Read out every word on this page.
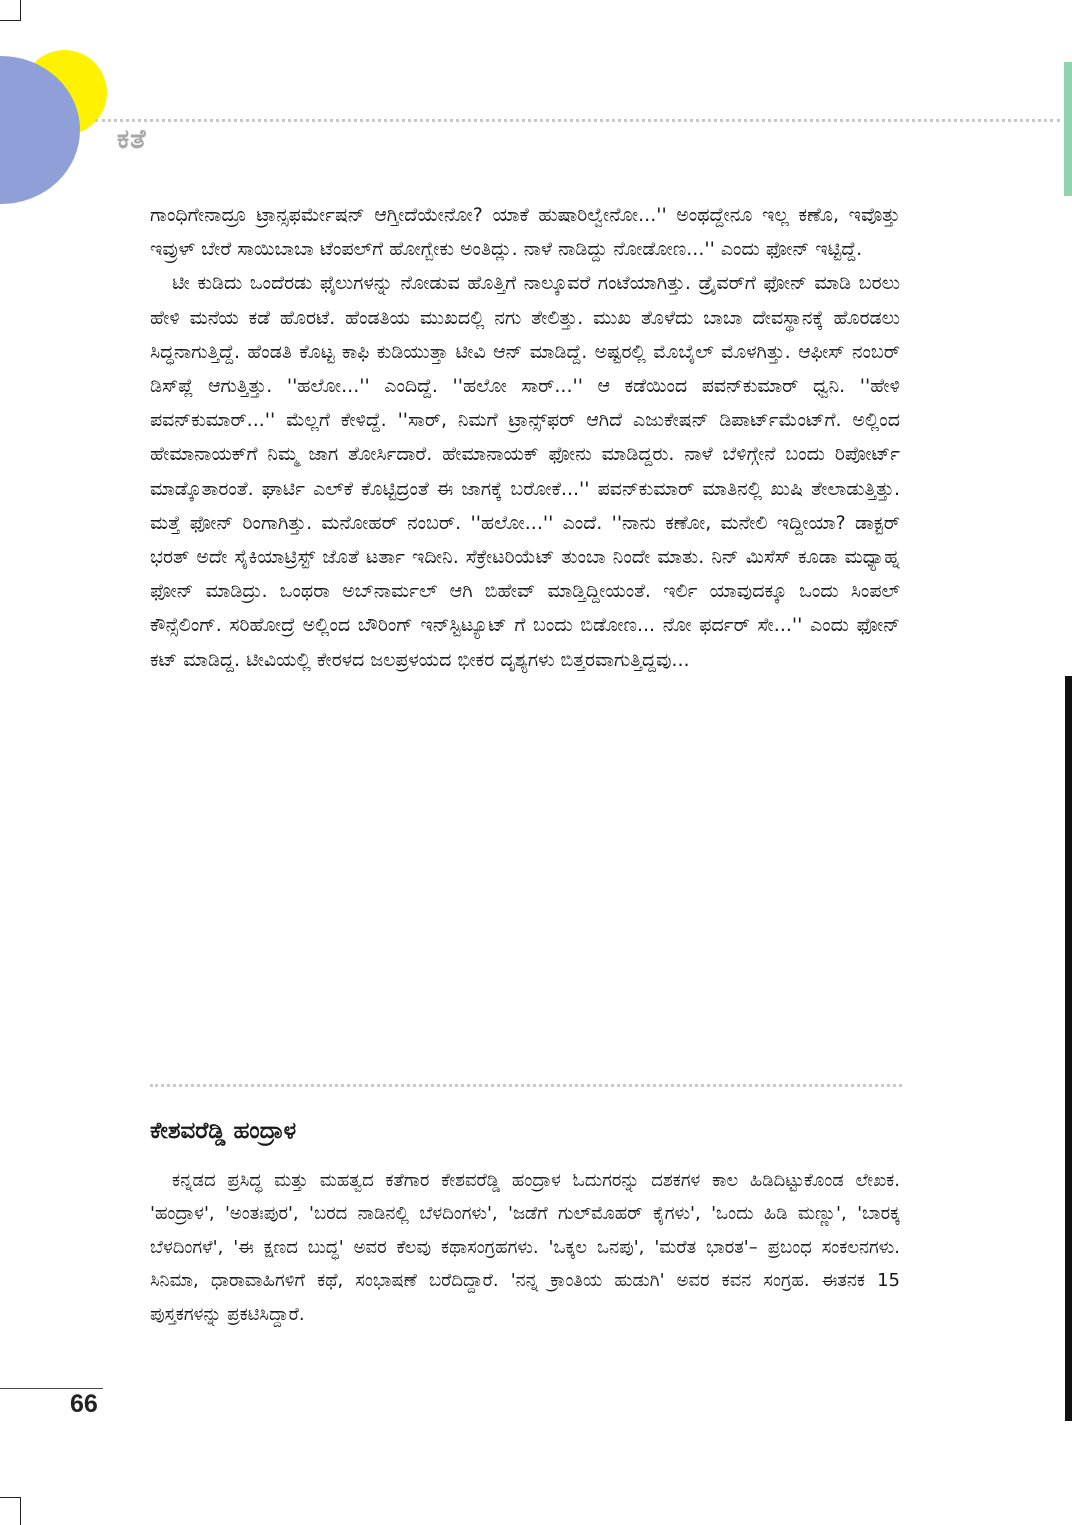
ಕತೆ

ಗಾಂಧಿಗೇನಾದ್ರೂ ಟ್ರಾನ್ಸಫರ್ಮೇಷನ್ ಆಗ್ತೀದೆಯೇನೋ? ಯಾಕೆ ಹುಷಾರಿಲ್ವೇನೋ...'' ಅಂಥದ್ದೇನೂ ಇಲ್ಲ ಕಣೊ, ಇವೊತ್ತು ಇವ್ರುಳ್ ಬೇರೆ ಸಾಯಿಬಾಬಾ ಟೆಂಪಲ್‌ಗೆ ಹೋಗ್ಬೇಕು ಅಂತಿದ್ಲು. ನಾಳೆ ನಾಡಿದ್ದು ನೋಡೋಣ...'' ಎಂದು ಫೋನ್ ಇಟ್ಟಿದ್ದೆ.

ಟೀ ಕುಡಿದು ಒಂದೆರಡು ಫೈಲುಗಳನ್ನು ನೋಡುವ ಹೊತ್ತಿಗೆ ನಾಲ್ಕೂವರೆ ಗಂಟೆಯಾಗಿತ್ತು. ಡ್ರೈವರ್‌ಗೆ ಫೋನ್ ಮಾಡಿ ಬರಲು ಹೇಳಿ ಮನೆಯ ಕಡೆ ಹೊರಟೆ. ಹೆಂಡತಿಯ ಮುಖದಲ್ಲಿ ನಗು ತೇಲಿತ್ತು. ಮುಖ ತೊಳೆದು ಬಾಬಾ ದೇವಸ್ಥಾನಕ್ಕೆ ಹೊರಡಲು ಸಿದ್ಧನಾಗುತ್ತಿದ್ದೆ. ಹೆಂಡತಿ ಕೊಟ್ಟ ಕಾಫಿ ಕುಡಿಯುತ್ತಾ ಟೀವಿ ಆನ್ ಮಾಡಿದ್ದೆ. ಅಷ್ಟರಲ್ಲಿ ಮೊಬೈಲ್ ಮೊಳಗಿತ್ತು. ಆಫೀಸ್ ನಂಬರ್ ಡಿಸ್‌ಪ್ಲೆ ಆಗುತ್ತಿತ್ತು. ''ಹಲೋ...'' ಎಂದಿದ್ದೆ. ''ಹಲೋ ಸಾರ್...'' ಆ ಕಡೆಯಿಂದ ಪವನ್‌ಕುಮಾರ್ ಧ್ವನಿ. ''ಹೇಳಿ ಪವನ್‌ಕುಮಾರ್...'' ಮೆಲ್ಲಗೆ ಕೇಳಿದ್ದೆ. ''ಸಾರ್, ನಿಮಗೆ ಟ್ರಾನ್ಸ್‌ಫರ್ ಆಗಿದೆ ಎಜುಕೇಷನ್ ಡಿಪಾರ್ಟ್‌ಮೆಂಟ್‌ಗೆ. ಅಲ್ಲಿಂದ ಹೇಮಾನಾಯಕ್‌ಗೆ ನಿಮ್ಮ ಜಾಗ ತೋರ್ಸಿದಾರೆ. ಹೇಮಾನಾಯಕ್ ಫೋನು ಮಾಡಿದ್ದರು. ನಾಳೆ ಬೆಳಿಗ್ಗೇನೆ ಬಂದು ರಿಪೋರ್ಟ್ ಮಾಡ್ಕೊತಾರಂತೆ. ಘಾರ್ಟಿ ಎಲ್‌ಕೆ ಕೊಟ್ಟಿದ್ರಂತೆ ಈ ಜಾಗಕ್ಕೆ ಬರೋಕೆ...'' ಪವನ್‌ಕುಮಾರ್ ಮಾತಿನಲ್ಲಿ ಖುಷಿ ತೇಲಾಡುತ್ತಿತ್ತು. ಮತ್ತೆ ಫೋನ್ ರಿಂಗಾಗಿತ್ತು. ಮನೋಹರ್ ನಂಬರ್. ''ಹಲೋ...'' ಎಂದೆ. ''ನಾನು ಕಣೋ, ಮನೇಲಿ ಇದ್ದೀಯಾ? ಡಾಕ್ಟರ್ ಭರತ್ ಅದೇ ಸೈಕಿಯಾಟ್ರಿಸ್ಟ್ ಜೊತೆ ಟರ್ತಾ ಇದೀನಿ. ಸೆಕ್ರೇಟರಿಯೆಟ್ ತುಂಬಾ ನಿಂದೇ ಮಾತು. ನಿನ್ ಮಿಸೆಸ್ ಕೂಡಾ ಮಧ್ಯಾಹ್ನ ಫೋನ್ ಮಾಡಿದ್ರು. ಒಂಥರಾ ಅಬ್‌ನಾರ್ಮಲ್ ಆಗಿ ಬಿಹೇವ್ ಮಾಡ್ತಿದ್ದೀಯಂತೆ. ಇರ್ಲಿ ಯಾವುದಕ್ಕೂ ಒಂದು ಸಿಂಪಲ್ ಕೌನ್ಸೆಲಿಂಗ್. ಸರಿಹೋದ್ರೆ ಅಲ್ಲಿಂದ ಬೌರಿಂಗ್ ಇನ್‌ಸ್ಟಿಟ್ಯೂಟ್ ಗೆ ಬಂದು ಬಿಡೋಣ... ನೋ ಫರ್ದರ್ ಸೇ...'' ಎಂದು ಫೋನ್ ಕಟ್ ಮಾಡಿದ್ದ. ಟೀವಿಯಲ್ಲಿ ಕೇರಳದ ಜಲಪ್ರಳಯದ ಭೀಕರ ದೃಶ್ಯಗಳು ಬಿತ್ತರವಾಗುತ್ತಿದ್ದವು...

ಕೇಶವರೆಡ್ಡಿ ಹಂದ್ರಾಳ

ಕನ್ನಡದ ಪ್ರಸಿದ್ಧ ಮತ್ತು ಮಹತ್ವದ ಕತೆಗಾರ ಕೇಶವರೆಡ್ಡಿ ಹಂದ್ರಾಳ ಓದುಗರನ್ನು ದಶಕಗಳ ಕಾಲ ಹಿಡಿದಿಟ್ಟುಕೊಂಡ ಲೇಖಕ. 'ಹಂದ್ರಾಳ', 'ಅಂತಃಪುರ', 'ಬರದ ನಾಡಿನಲ್ಲಿ ಬೆಳದಿಂಗಳು', 'ಜಡೆಗೆ ಗುಲ್‌ಮೊಹರ್ ಕೈಗಳು', 'ಒಂದು ಹಿಡಿ ಮಣ್ಣು', 'ಬಾರಕ್ಕ ಬೆಳದಿಂಗಳೆ', 'ಈ ಕ್ಷಣದ ಬುದ್ಧ' ಅವರ ಕೆಲವು ಕಥಾಸಂಗ್ರಹಗಳು. 'ಒಕ್ಕಲ ಒನಪು', 'ಮರೆತ ಭಾರತ'– ಪ್ರಬಂಧ ಸಂಕಲನಗಳು. ಸಿನಿಮಾ, ಧಾರಾವಾಹಿಗಳಿಗೆ ಕಥೆ, ಸಂಭಾಷಣೆ ಬರೆದಿದ್ದಾರೆ. 'ನನ್ನ ಕ್ರಾಂತಿಯ ಹುಡುಗಿ' ಅವರ ಕವನ ಸಂಗ್ರಹ. ಈತನಕ 15 ಪುಸ್ತಕಗಳನ್ನು ಪ್ರಕಟಿಸಿದ್ದಾರೆ.

66
